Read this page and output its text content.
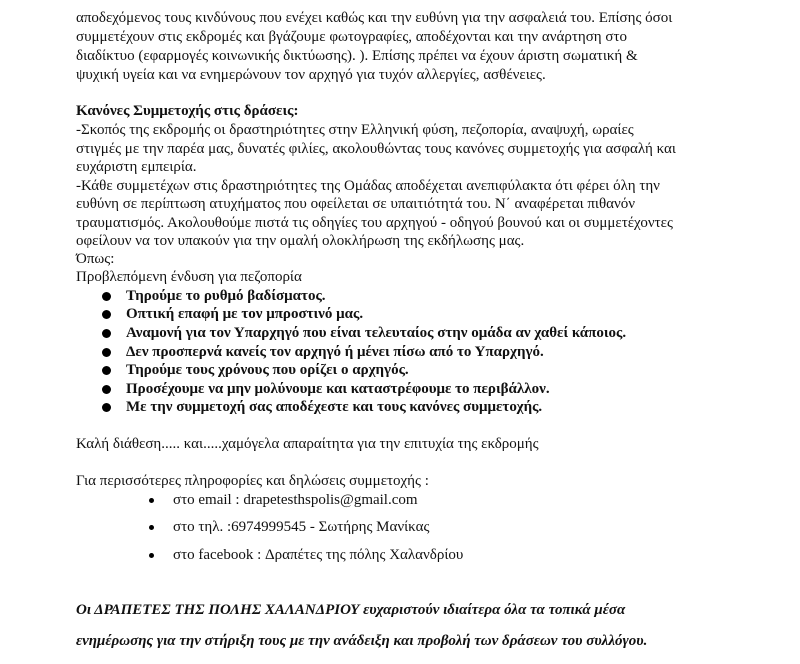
αποδεχόμενος τους κινδύνους που ενέχει καθώς και την ευθύνη για την ασφαλειά του. Επίσης όσοι
συμμετέχουν στις εκδρομές και βγάζουμε φωτογραφίες, αποδέχονται και την ανάρτηση στο
διαδίκτυο (εφαρμογές κοινωνικής δικτύωσης). ). Επίσης πρέπει να έχουν άριστη σωματική &
ψυχική υγεία και να ενημερώνουν τον αρχηγό για τυχόν αλλεργίες, ασθένειες.
Κανόνες Συμμετοχής στις δράσεις:
-Σκοπός της εκδρομής οι δραστηριότητες στην Ελληνική φύση, πεζοπορία, αναψυχή, ωραίες
στιγμές με την παρέα μας, δυνατές φιλίες, ακολουθώντας τους κανόνες συμμετοχής για ασφαλή και
ευχάριστη εμπειρία.
-Κάθε συμμετέχων στις δραστηριότητες της Ομάδας αποδέχεται ανεπιφύλακτα ότι φέρει όλη την
ευθύνη σε περίπτωση ατυχήματος που οφείλεται σε υπαιτιότητά του. Ν΄ αναφέρεται πιθανόν
τραυματισμός. Ακολουθούμε πιστά τις οδηγίες του αρχηγού - οδηγού βουνού και οι συμμετέχοντες
οφείλουν να τον υπακούν για την ομαλή ολοκλήρωση της εκδήλωσης μας.
Όπως:
Προβλεπόμενη ένδυση για πεζοπορία
Τηρούμε το ρυθμό βαδίσματος.
Οπτική επαφή με τον μπροστινό μας.
Αναμονή για τον Υπαρχηγό που είναι τελευταίος στην ομάδα αν χαθεί κάποιος.
Δεν προσπερνά κανείς τον αρχηγό ή μένει πίσω από το Υπαρχηγό.
Τηρούμε τους χρόνους που ορίζει ο αρχηγός.
Προσέχουμε να μην μολύνουμε και καταστρέφουμε το περιβάλλον.
Με την συμμετοχή σας αποδέχεστε και τους κανόνες συμμετοχής.
Καλή διάθεση..... και.....χαμόγελα απαραίτητα για την επιτυχία της εκδρομής
Για περισσότερες πληροφορίες και δηλώσεις συμμετοχής :
στο email : drapetesthspolis@gmail.com
στο τηλ. :6974999545 - Σωτήρης Μανίκας
στο facebook : Δραπέτες της πόλης Χαλανδρίου
Οι ΔΡΑΠΕΤΕΣ ΤΗΣ ΠΟΛΗΣ ΧΑΛΑΝΔΡΙΟΥ ευχαριστούν ιδιαίτερα όλα τα τοπικά μέσα
ενημέρωσης για την στήριξη τους με την ανάδειξη και προβολή των δράσεων του συλλόγου.
